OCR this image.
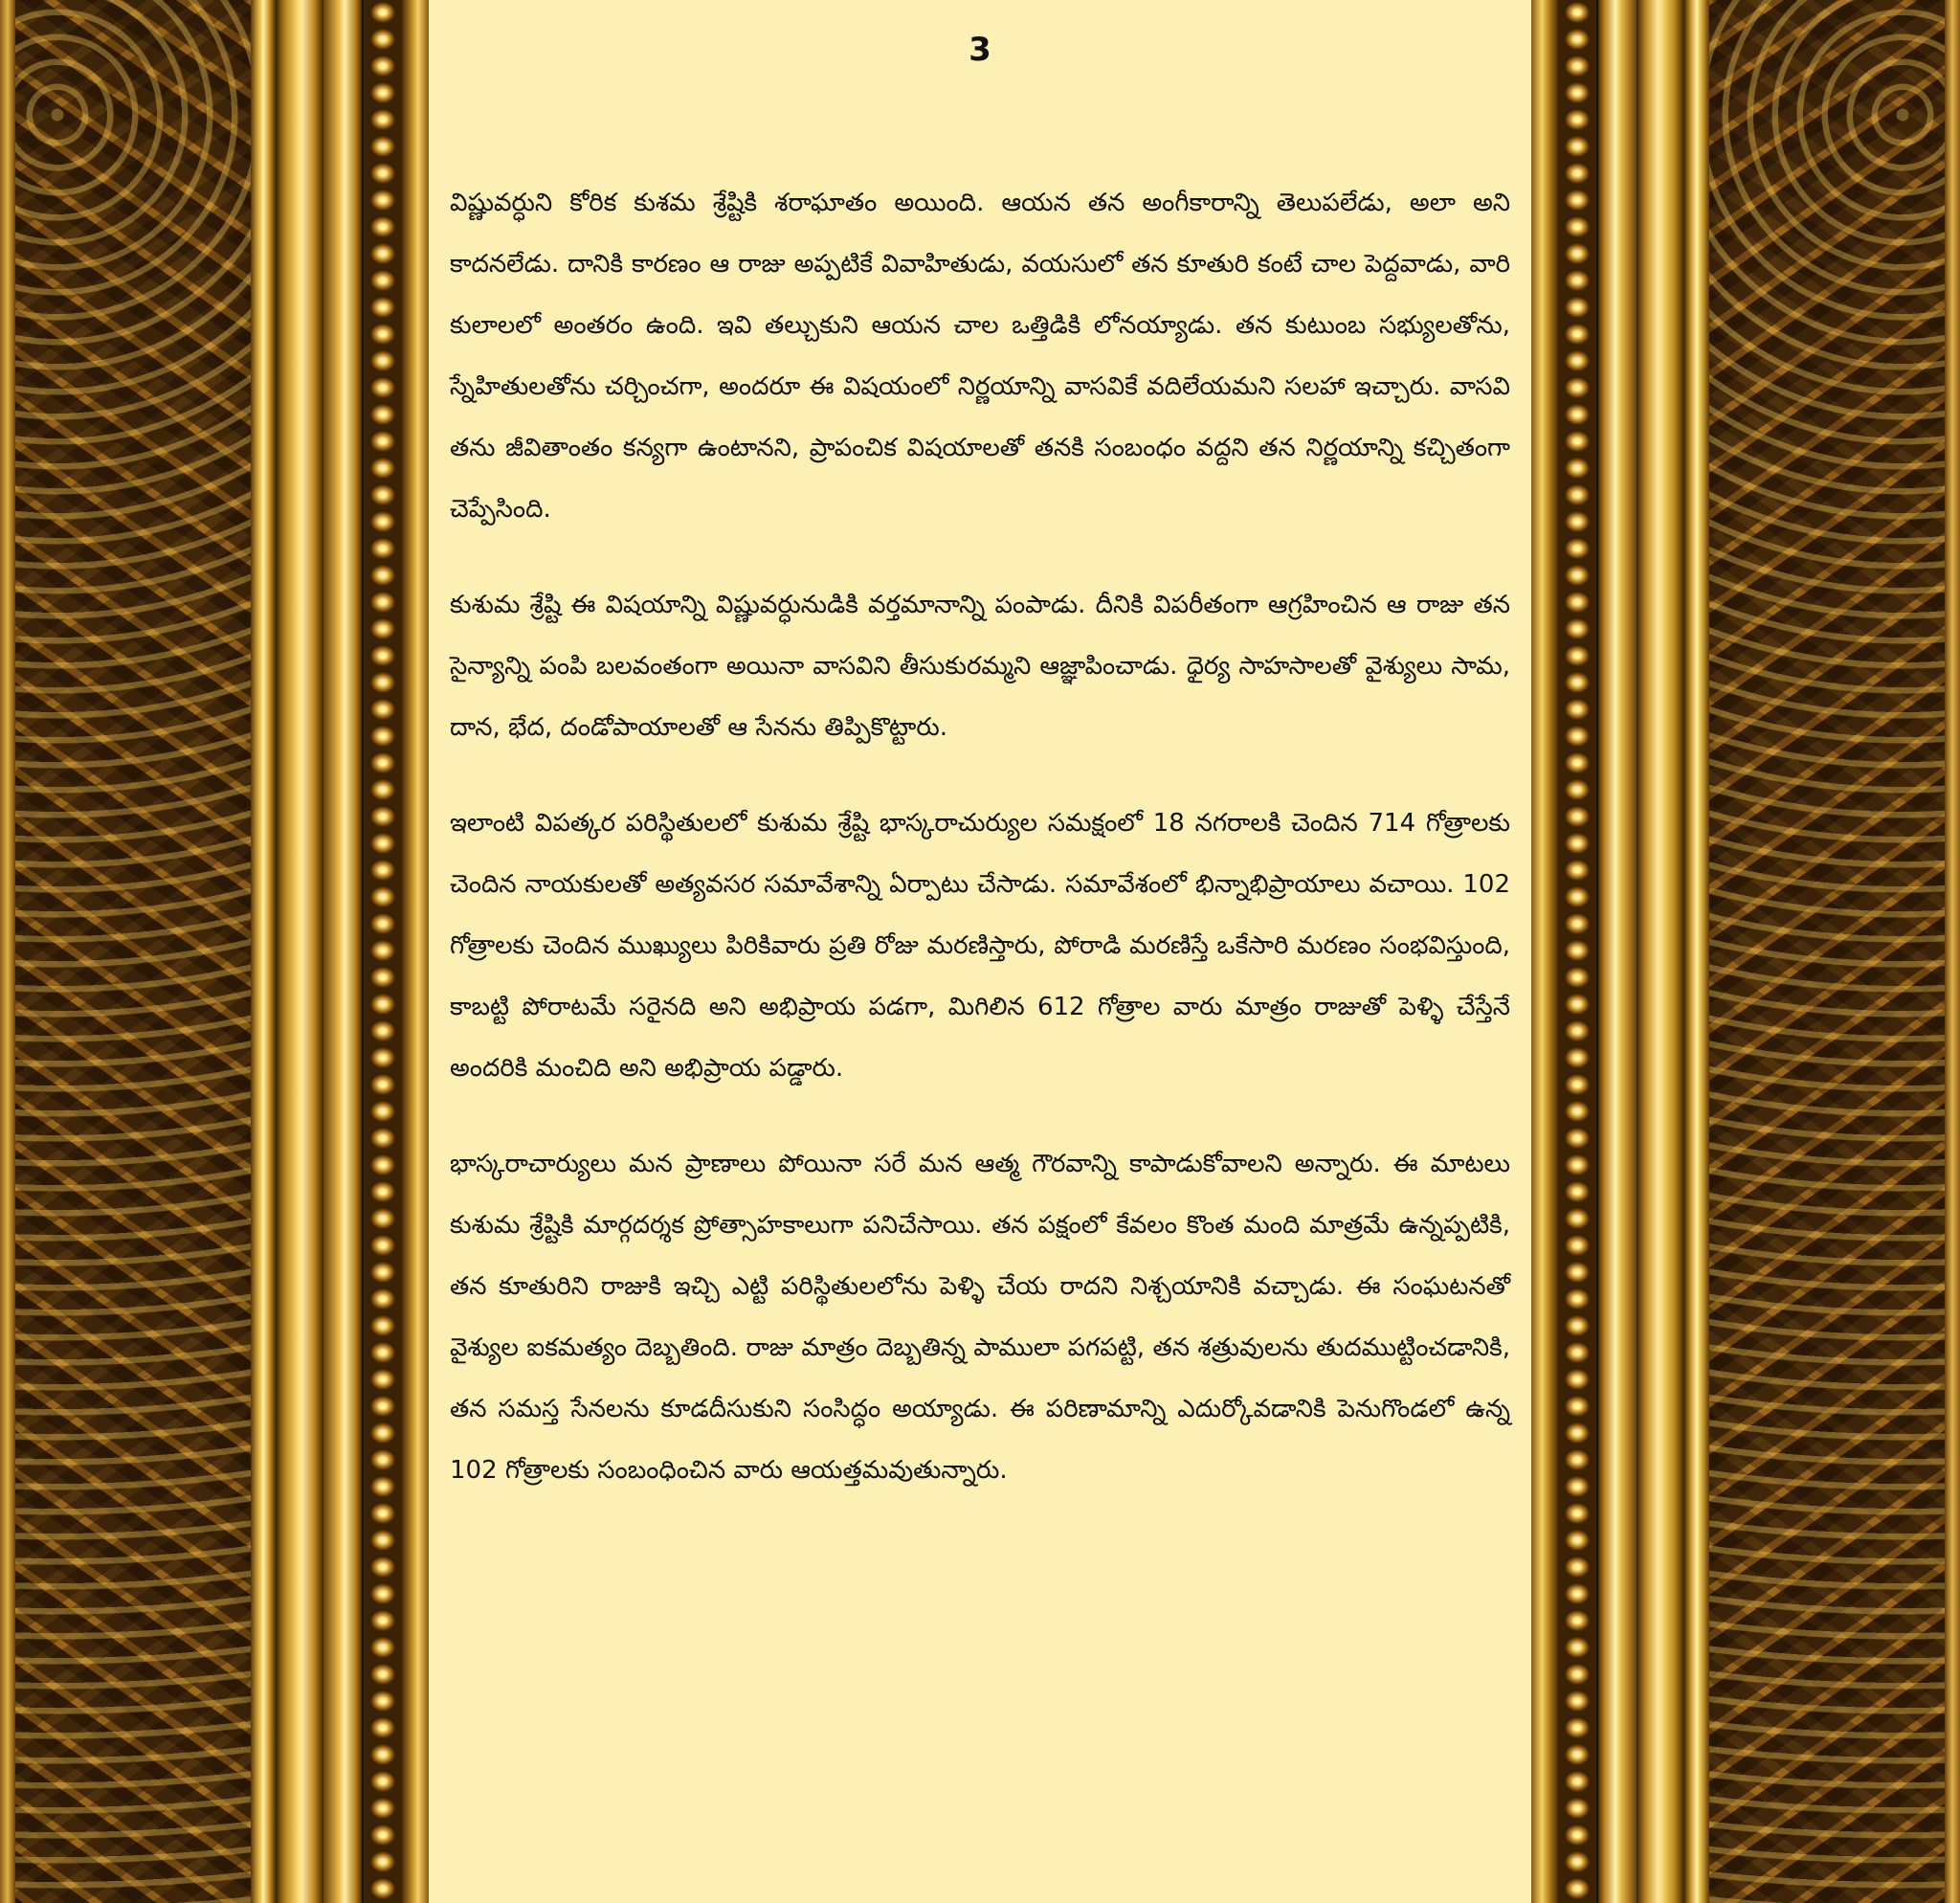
3

విష్ణువర్ధుని కోరిక కుశమ శ్రేష్టికి శరాఘాతం అయింది. ఆయన తన అంగీకారాన్ని తెలుపలేడు, అలా అని కాదనలేడు. దానికి కారణం ఆ రాజు అప్పటికే వివాహితుడు, వయసులో తన కూతురి కంటే చాల పెద్దవాడు, వారి కులాలలో అంతరం ఉంది. ఇవి తల్చుకుని ఆయన చాల ఒత్తిడికి లోనయ్యాడు. తన కుటుంబ సభ్యులతోను, స్నేహితులతోను చర్చించగా, అందరూ ఈ విషయంలో నిర్ణయాన్ని వాసవికే వదిలేయమని సలహా ఇచ్చారు. వాసవి తను జీవితాంతం కన్యగా ఉంటానని, ప్రాపంచిక విషయాలతో తనకి సంబంధం వద్దని తన నిర్ణయాన్ని కచ్చితంగా చెప్పేసింది.

కుశుమ శ్రేష్టి ఈ విషయాన్ని విష్ణువర్ధునుడికి వర్తమానాన్ని పంపాడు. దీనికి విపరీతంగా ఆగ్రహించిన ఆ రాజు తన సైన్యాన్ని పంపి బలవంతంగా అయినా వాసవిని తీసుకురమ్మని ఆజ్ఞాపించాడు. ధైర్య సాహసాలతో వైశ్యులు సామ, దాన, భేద, దండోపాయాలతో ఆ సేనను తిప్పికొట్టారు.

ఇలాంటి విపత్కర పరిస్థితులలో కుశుమ శ్రేష్టి భాస్కరాచుర్యుల సమక్షంలో 18 నగరాలకి చెందిన 714 గోత్రాలకు చెందిన నాయకులతో అత్యవసర సమావేశాన్ని ఏర్పాటు చేసాడు. సమావేశంలో భిన్నాభిప్రాయాలు వచాయి. 102 గోత్రాలకు చెందిన ముఖ్యులు పిరికివారు ప్రతి రోజు మరణిస్తారు, పోరాడి మరణిస్తే ఒకేసారి మరణం సంభవిస్తుంది, కాబట్టి పోరాటమే సరైనది అని అభిప్రాయ పడగా, మిగిలిన 612 గోత్రాల వారు మాత్రం రాజుతో పెళ్ళి చేస్తేనే అందరికి మంచిది అని అభిప్రాయ పడ్డారు.

భాస్కరాచార్యులు మన ప్రాణాలు పోయినా సరే మన ఆత్మ గౌరవాన్ని కాపాడుకోవాలని అన్నారు. ఈ మాటలు కుశుమ శ్రేష్టికి మార్గదర్శక ప్రోత్సాహకాలుగా పనిచేసాయి. తన పక్షంలో కేవలం కొంత మంది మాత్రమే ఉన్నప్పటికి, తన కూతురిని రాజుకి ఇచ్చి ఎట్టి పరిస్థితులలోను పెళ్ళి చేయ రాదని నిశ్చయానికి వచ్చాడు. ఈ సంఘటనతో వైశ్యుల ఐకమత్యం దెబ్బతింది. రాజు మాత్రం దెబ్బతిన్న పాములా పగపట్టి, తన శత్రువులను తుదముట్టించడానికి, తన సమస్త సేనలను కూడదీసుకుని సంసిద్ధం అయ్యాడు. ఈ పరిణామాన్ని ఎదుర్కోవడానికి పెనుగొండలో ఉన్న 102 గోత్రాలకు సంబంధించిన వారు ఆయత్తమవుతున్నారు.
